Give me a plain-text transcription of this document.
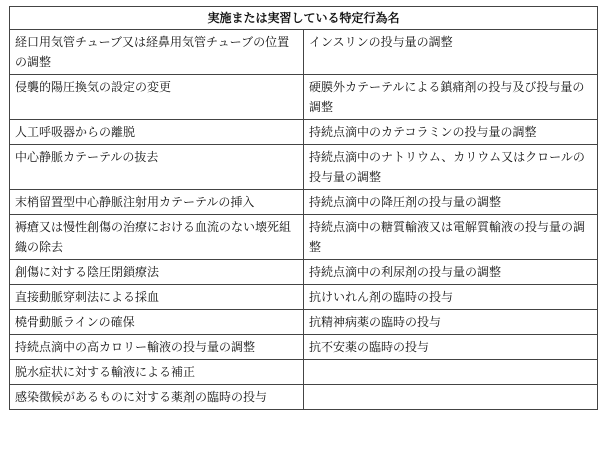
実施または実習している特定行為名	
経口用気管チューブ又は経鼻用気管チューブの位置の調整	インスリンの投与量の調整
侵襲的陽圧換気の設定の変更	硬膜外カテーテルによる鎮痛剤の投与及び投与量の調整
人工呼吸器からの離脱	持続点滴中のカテコラミンの投与量の調整
中心静脈カテーテルの抜去	持続点滴中のナトリウム、カリウム又はクロールの投与量の調整
末梢留置型中心静脈注射用カテーテルの挿入	持続点滴中の降圧剤の投与量の調整
褥瘡又は慢性創傷の治療における血流のない壊死組織の除去	持続点滴中の糖質輸液又は電解質輸液の投与量の調整
創傷に対する陰圧閉鎖療法	持続点滴中の利尿剤の投与量の調整
直接動脈穿刺法による採血	抗けいれん剤の臨時の投与
橈骨動脈ラインの確保	抗精神病薬の臨時の投与
持続点滴中の高カロリー輸液の投与量の調整	抗不安薬の臨時の投与
脱水症状に対する輸液による補正	
感染徴候があるものに対する薬剤の臨時の投与	
